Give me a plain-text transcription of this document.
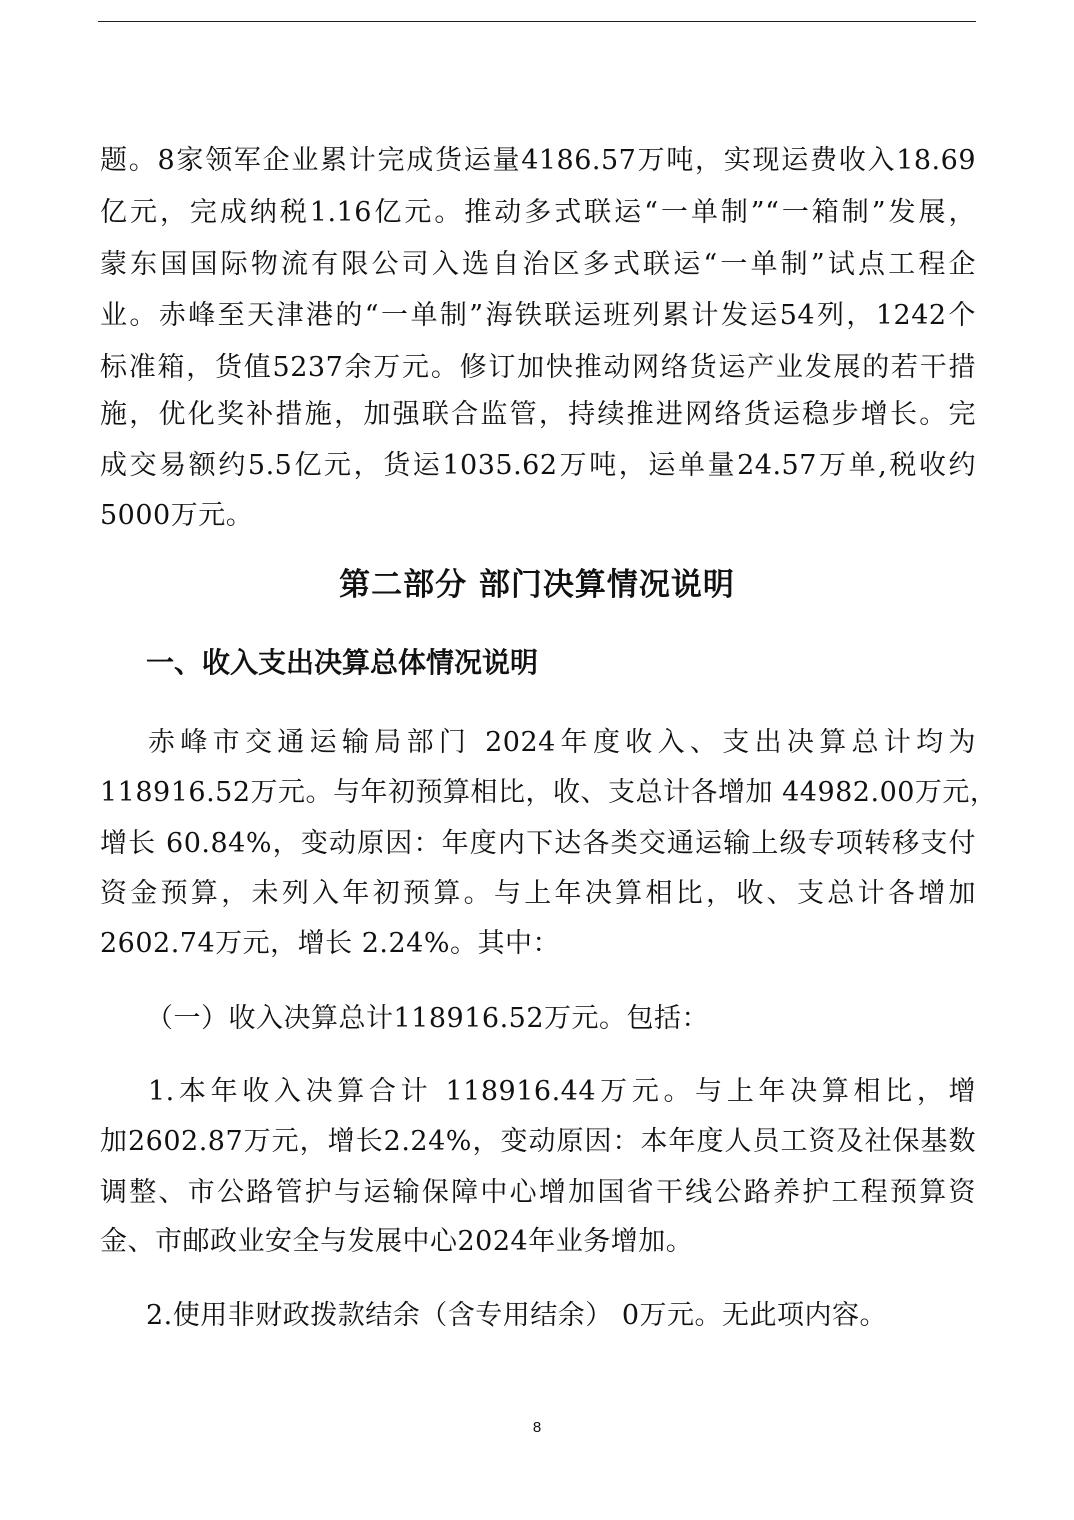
题。8家领军企业累计完成货运量4186.57万吨，实现运费收入18.69
亿元，完成纳税1.16亿元。推动多式联运“一单制”“一箱制”发展，
蒙东国国际物流有限公司入选自治区多式联运“一单制”试点工程企
业。赤峰至天津港的“一单制”海铁联运班列累计发运54列，1242个
标准箱，货值5237余万元。修订加快推动网络货运产业发展的若干措
施，优化奖补措施，加强联合监管，持续推进网络货运稳步增长。完
成交易额约5.5亿元，货运1035.62万吨，运单量24.57万单,税收约
5000万元。
第二部分 部门决算情况说明
一、收入支出决算总体情况说明
赤峰市交通运输局部门 2024年度收入、支出决算总计均为
118916.52万元。与年初预算相比，收、支总计各增加 44982.00万元，
增长 60.84%，变动原因：年度内下达各类交通运输上级专项转移支付
资金预算，未列入年初预算。与上年决算相比，收、支总计各增加
2602.74万元，增长 2.24%。其中：
（一）收入决算总计118916.52万元。包括：
1.本年收入决算合计 118916.44万元。与上年决算相比，增
加2602.87万元，增长2.24%，变动原因：本年度人员工资及社保基数
调整、市公路管护与运输保障中心增加国省干线公路养护工程预算资
金、市邮政业安全与发展中心2024年业务增加。
2.使用非财政拨款结余（含专用结余） 0万元。无此项内容。
8
